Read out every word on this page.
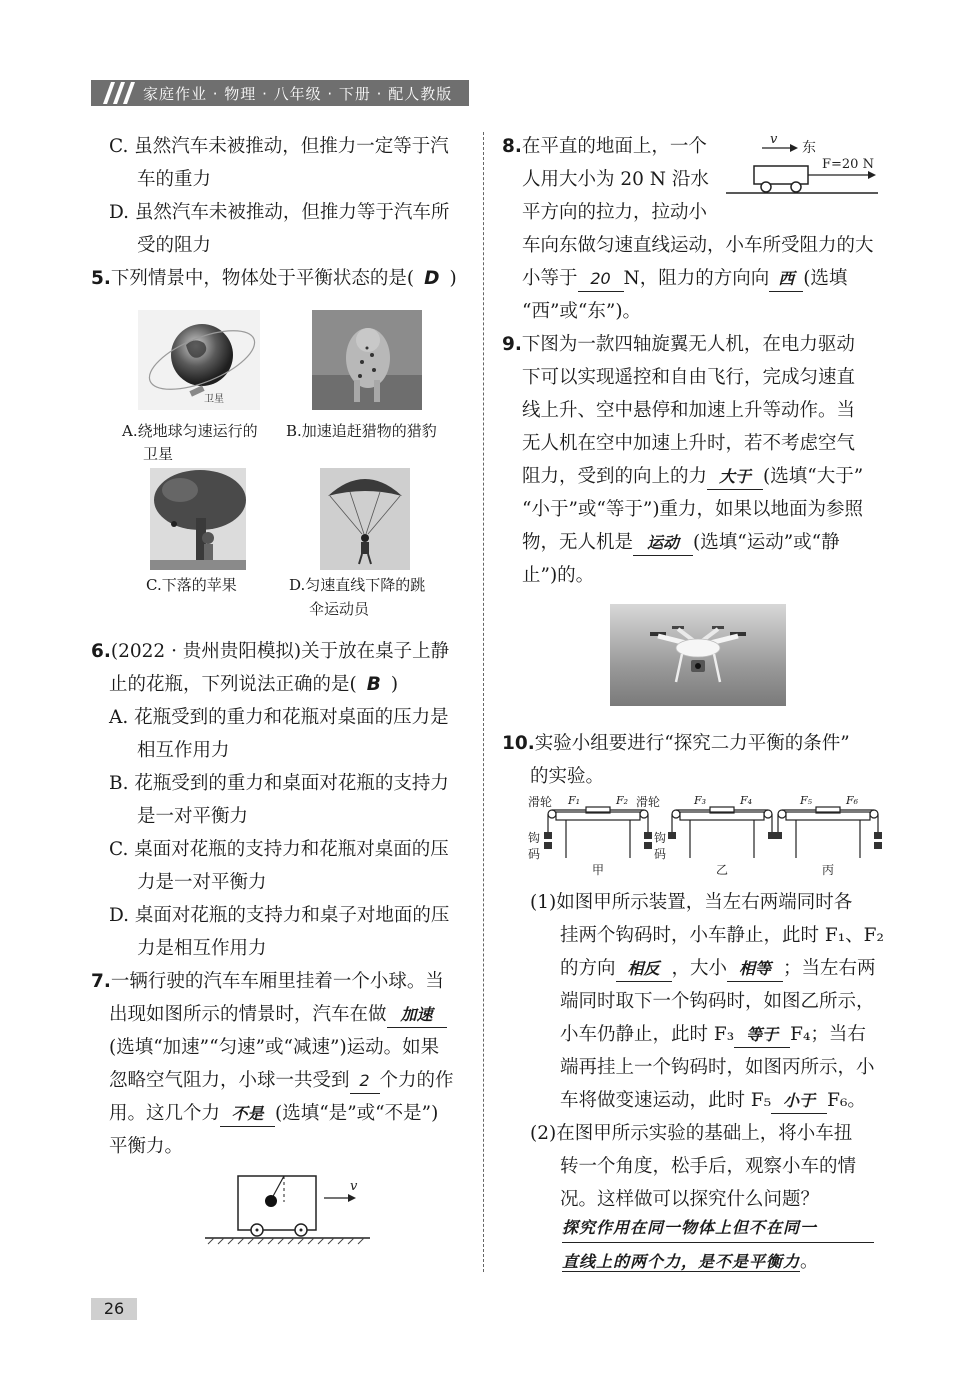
家庭作业 · 物理 · 八年级 · 下册 · 配人教版
C. 虽然汽车未被推动，但推力一定等于汽
车的重力
D. 虽然汽车未被推动，但推力等于汽车所
受的阻力
5.下列情景中，物体处于平衡状态的是( D )
卫星
A.绕地球匀速运行的
卫星
B.加速追赶猎物的猎豹
C.下落的苹果	D.匀速直线下降的跳
伞运动员
6.(2022 · 贵州贵阳模拟)关于放在桌子上静
止的花瓶，下列说法正确的是( B )
A. 花瓶受到的重力和花瓶对桌面的压力是
相互作用力
B. 花瓶受到的重力和桌面对花瓶的支持力
是一对平衡力
C. 桌面对花瓶的支持力和花瓶对桌面的压
力是一对平衡力
D. 桌面对花瓶的支持力和桌子对地面的压
力是相互作用力
7.一辆行驶的汽车车厢里挂着一个小球。当
出现如图所示的情景时，汽车在做 加速
(选填“加速”“匀速”或“减速”)运动。如果
忽略空气阻力，小球一共受到 2 个力的作
用。这几个力 不是 (选填“是”或“不是”)
平衡力。
v
8.在平直的地面上，一个
人用大小为 20 N 沿水
平方向的拉力，拉动小
车向东做匀速直线运动，小车所受阻力的大
小等于 20 N，阻力的方向向 西 (选填
“西”或“东”)。
v
东
F=20 N
9.下图为一款四轴旋翼无人机，在电力驱动
下可以实现遥控和自由飞行，完成匀速直
线上升、空中悬停和加速上升等动作。当
无人机在空中加速上升时，若不考虑空气
阻力，受到的向上的力 大于 (选填“大于”
“小于”或“等于”)重力，如果以地面为参照
物，无人机是 运动 (选填“运动”或“静
止”)的。
10.实验小组要进行“探究二力平衡的条件”
的实验。
滑轮	滑轮
钩
码
钩
码
甲	乙	丙
F₁	F₂	F₃	F₄	F₅	F₆
(1)如图甲所示装置，当左右两端同时各
挂两个钩码时，小车静止，此时 F₁、F₂
的方向 相反 ，大小 相等 ；当左右两
端同时取下一个钩码时，如图乙所示，
小车仍静止，此时 F₃ 等于 F₄；当右
端再挂上一个钩码时，如图丙所示，小
车将做变速运动，此时 F₅ 小于 F₆。
(2)在图甲所示实验的基础上，将小车扭
转一个角度，松手后，观察小车的情
况。这样做可以探究什么问题？
探究作用在同一物体上但不在同一
直线上的两个力，是不是平衡力。
26
